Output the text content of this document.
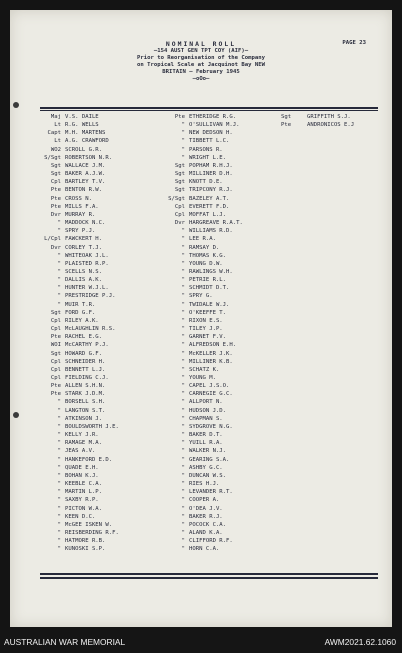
NOMINAL ROLL	PAGE 23
—154 AUST GEN TPT COY (AIF)—
Prior to Reorganisation of the Company
on Tropical Scale at Jacquinot Bay NEW
BRITAIN – February 1945
—oOo—
Maj V.S. DAILE
Lt R.G. WELLS
Capt M.H. MARTENS
Lt A.G. CRAWFORD
WO2 SCROLL G.R.
S/Sgt ROBERTSON N.R.
Sgt WALLACE J.M.
Sgt BAKER A.J.W.
Cpl BARTLEY T.V.
Pte BENTON R.W.
Pte CROSS N.
Pte MILLS F.A.
Dvr MURRAY R.
" MADDOCK N.C.
" SPRY P.J.
L/Cpl FAWCKERT H.
Dvr CORLEY T.J.
" WHITEOAK J.L.
" PLAISTED R.P.
" SCELLS N.S.
" DALLIS A.K.
" HUNTER W.J.L.
" PRESTRIDGE P.J.
" MUIR T.R.
Sgt FORD G.F.
Cpl RILEY A.K.
Cpl McLAUGHLIN R.S.
Pte RACHEL E.G.
WOI McCARTHY P.J.
Sgt HOWARD G.F.
Cpl SCHNEIDER H.
Cpl BENNETT L.J.
Cpl FIELDING C.J.
Pte ALLEN S.H.N.
Pte STARK J.D.M.
" BORSELL S.H.
" LANGTON S.T.
" ATKINSON J.
" BOULDSWORTH J.E.
" KELLY J.R.
" RAMAGE M.A.
" JEAS A.V.
" HANKEFORD E.D.
" QUADE E.H.
" BOHAN K.J.
" KEEBLE C.A.
" MARTIN L.P.
" SAXBY R.P.
" PICTON W.A.
" KEEN D.C.
" McGEE ISKEN W.
" REISBERDING R.F.
" HATMORE R.B.
" KUNOSKI S.P.
Pte ETHERIDGE R.G.
" O'SULLIVAN M.J.
" NEW DEDSON H.
" TIBBETT L.C.
" PARSONS R.
" WRIGHT L.E.
Sgt POPHAM R.H.J.
Sgt MILLINER D.H.
Sgt KNOTT D.E.
Sgt TRIPCONY R.J.
S/Sgt BAZELEY A.T.
Cpl EVERETT F.D.
Cpl MOFFAT L.J.
Dvr HARGREAVE R.A.T.
" WILLIAMS R.D.
" LEE R.A.
" RAMSAY D.
" THOMAS K.G.
" YOUNG D.W.
" RAWLINGS W.H.
" PETRIE R.L.
" SCHMIDT D.T.
" SPRY G.
" TWIDALE W.J.
" O'KEEFFE T.
" RIXON E.S.
" TILEY J.P.
" GARNET F.V.
" ALFREDSON E.H.
" McKELLER J.K.
" MILLINER K.B.
" SCHATZ K.
" YOUNG M.
" CAPEL J.S.O.
" CARNEGIE G.C.
" ALLPORT N.
" HUDSON J.D.
" CHAPMAN S.
" SYDGROVE N.G.
" BAKER D.T.
" YUILL R.A.
" WALKER N.J.
" GEARING S.A.
" ASHBY G.C.
" DUNCAN W.S.
" RIES H.J.
" LEVANDER R.T.
" COOPER A.
" O'DEA J.V.
" BAKER R.J.
" POCOCK C.A.
" ALAND K.A.
" CLIFFORD R.F.
" HORN C.A.
Sgt	GRIFFITH S.J.
Pte	ANDRONICOS E.J
AUSTRALIAN WAR MEMORIAL	AWM2021.62.1060
